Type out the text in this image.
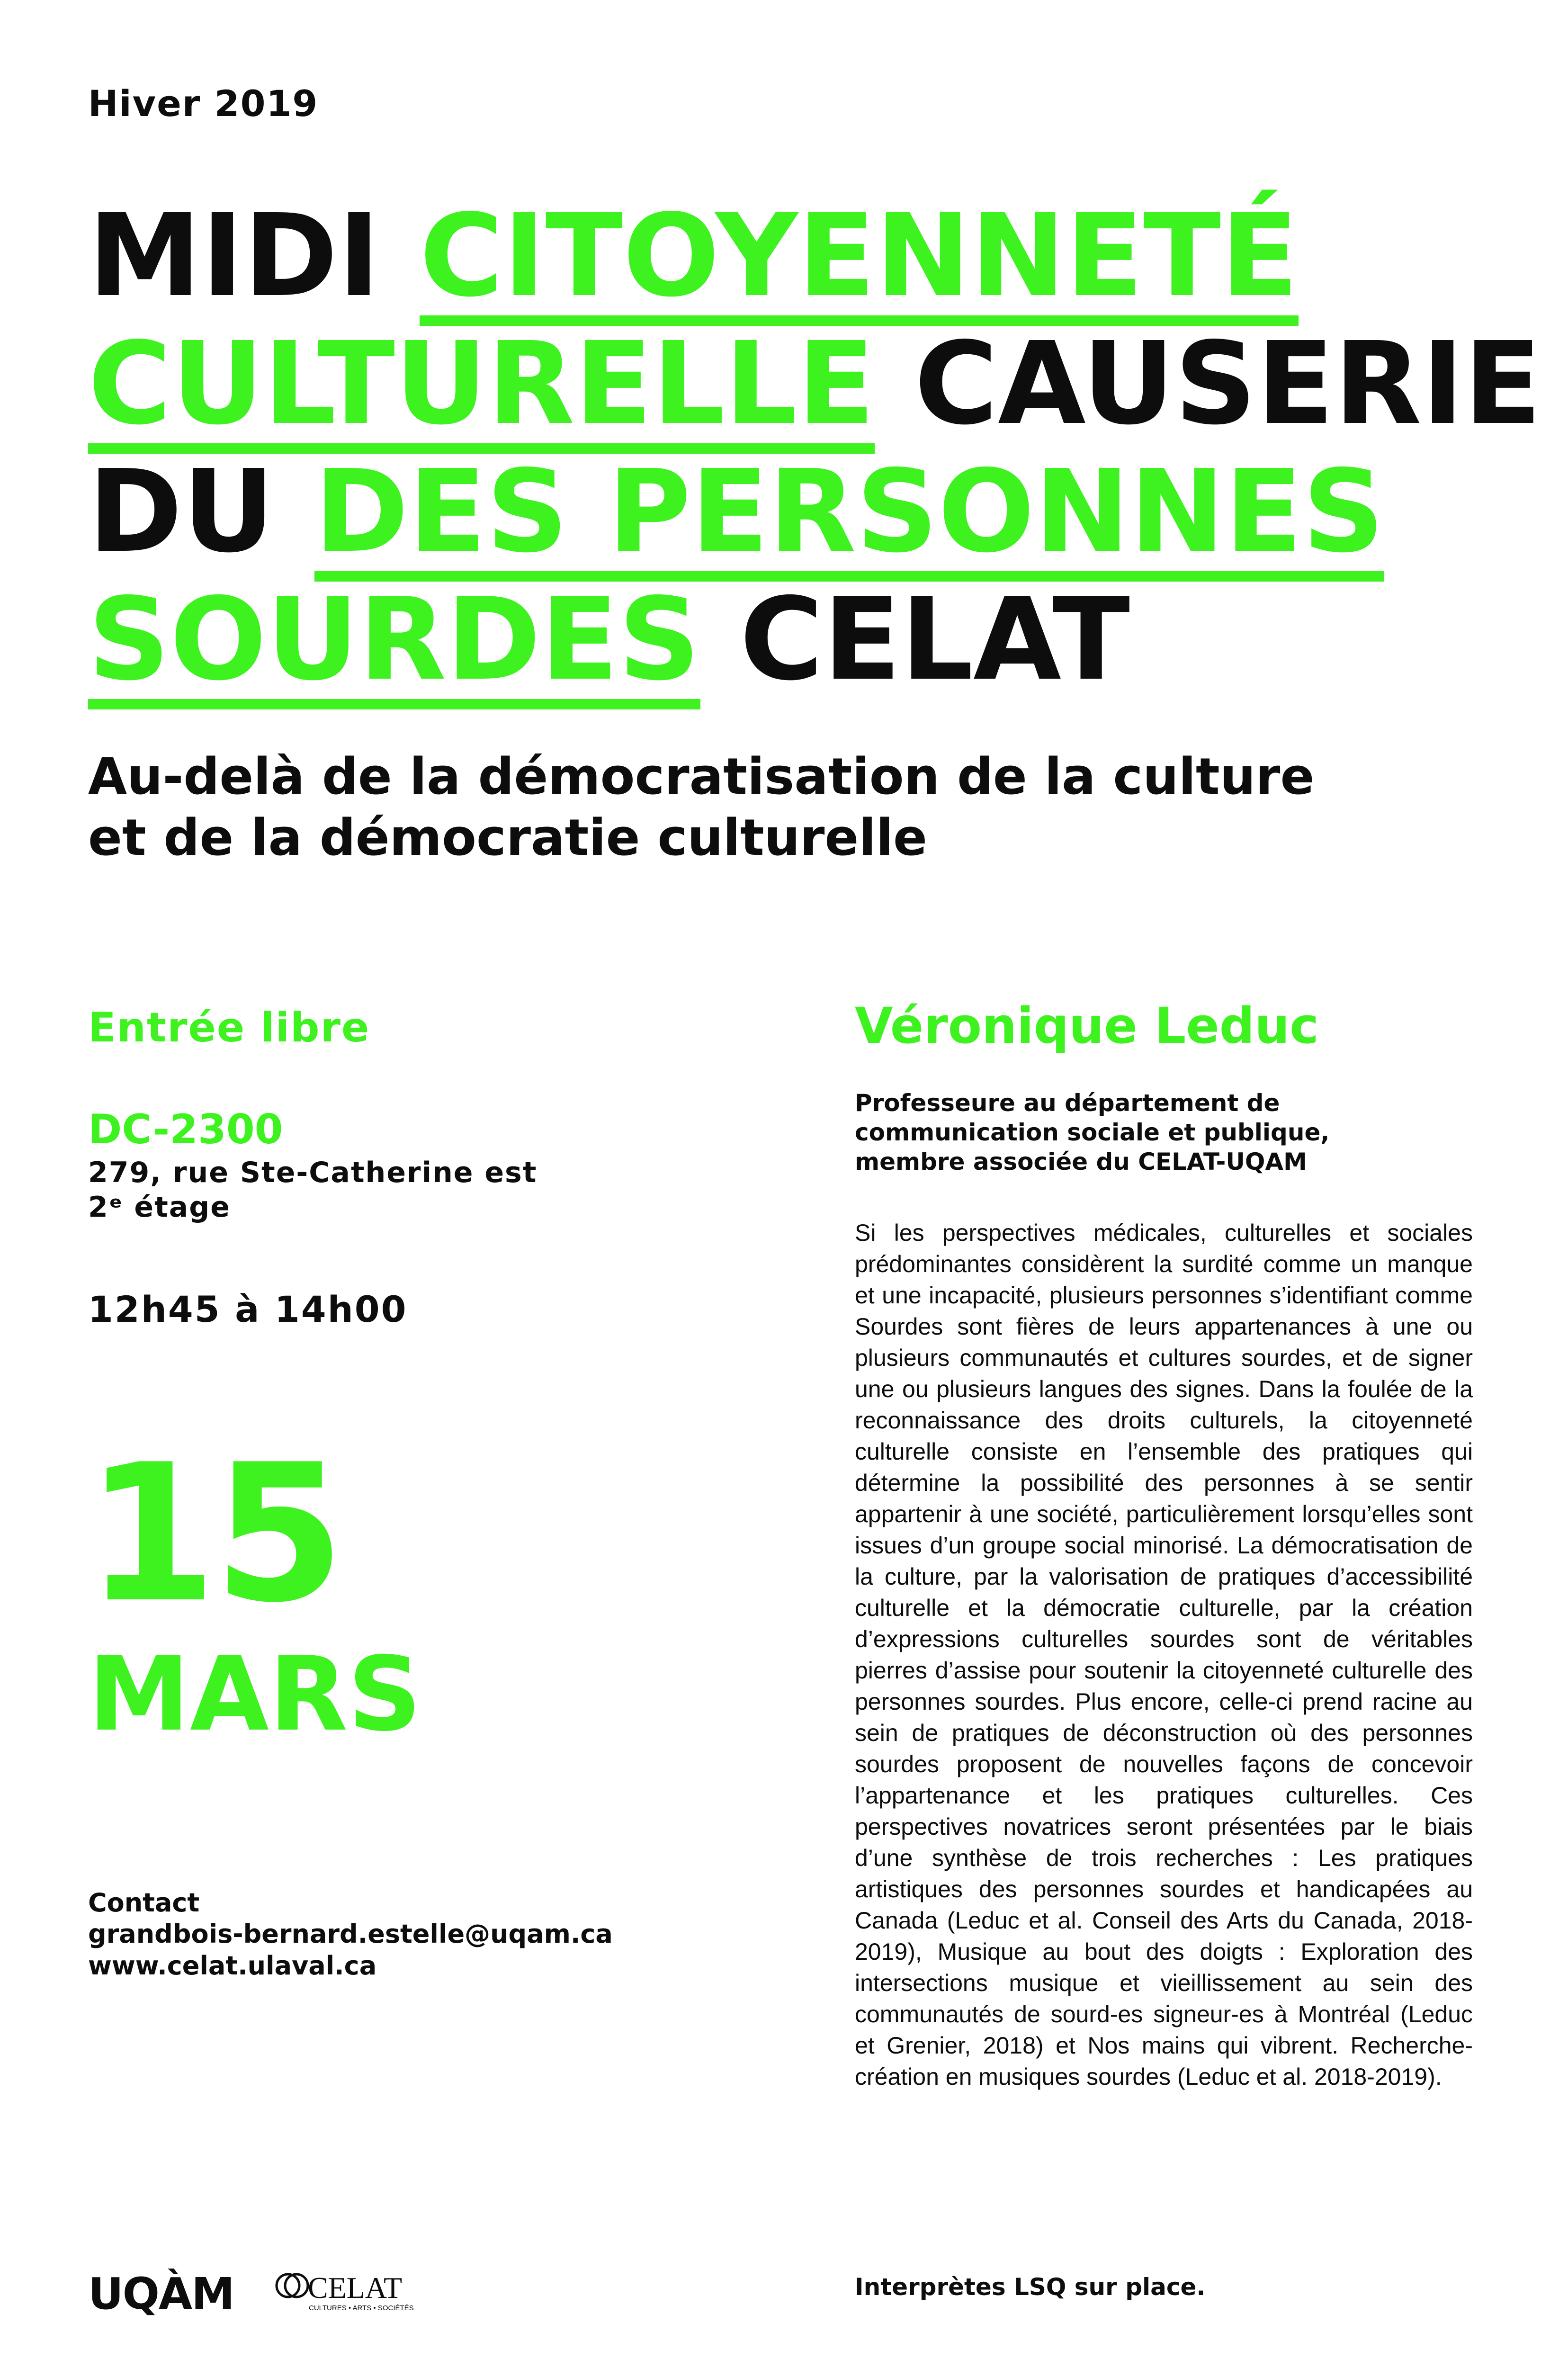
Hiver 2019
MIDI CITOYENNETÉ
CULTURELLE CAUSERIE
DU DES PERSONNES
SOURDES CELAT
Au-delà de la démocratisation de la culture
et de la démocratie culturelle
Entrée libre
DC-2300
279, rue Ste-Catherine est
2ᵉ étage
12h45 à 14h00
15
MARS
Contact
grandbois-bernard.estelle@uqam.ca
www.celat.ulaval.ca
UQÀM CELAT
CULTURES • ARTS • SOCIÉTÉS
Véronique Leduc
Professeure au département de
communication sociale et publique,
membre associée du CELAT-UQAM
Si les perspectives médicales, culturelles et sociales prédominantes considèrent la surdité comme un manque et une incapacité, plusieurs personnes s’identifiant comme Sourdes sont fières de leurs appartenances à une ou plusieurs communautés et cultures sourdes, et de signer une ou plusieurs langues des signes. Dans la foulée de la reconnaissance des droits culturels, la citoyenneté culturelle consiste en l’ensemble des pratiques qui détermine la possibilité des personnes à se sentir appartenir à une société, particulièrement lorsqu’elles sont issues d’un groupe social minorisé. La démocratisation de la culture, par la valorisation de pratiques d’accessibilité culturelle et la démocratie culturelle, par la création d’expressions culturelles sourdes sont de véritables pierres d’assise pour soutenir la citoyenneté culturelle des personnes sourdes. Plus encore, celle-ci prend racine au sein de pratiques de déconstruction où des personnes sourdes proposent de nouvelles façons de concevoir l’appartenance et les pratiques culturelles. Ces perspectives novatrices seront présentées par le biais d’une synthèse de trois recherches : Les pratiques artistiques des personnes sourdes et handicapées au Canada (Leduc et al. Conseil des Arts du Canada, 2018-2019), Musique au bout des doigts : Exploration des intersections musique et vieillissement au sein des communautés de sourd-es signeur-es à Montréal (Leduc et Grenier, 2018) et Nos mains qui vibrent. Recherche-création en musiques sourdes (Leduc et al. 2018-2019).
Interprètes LSQ sur place.
